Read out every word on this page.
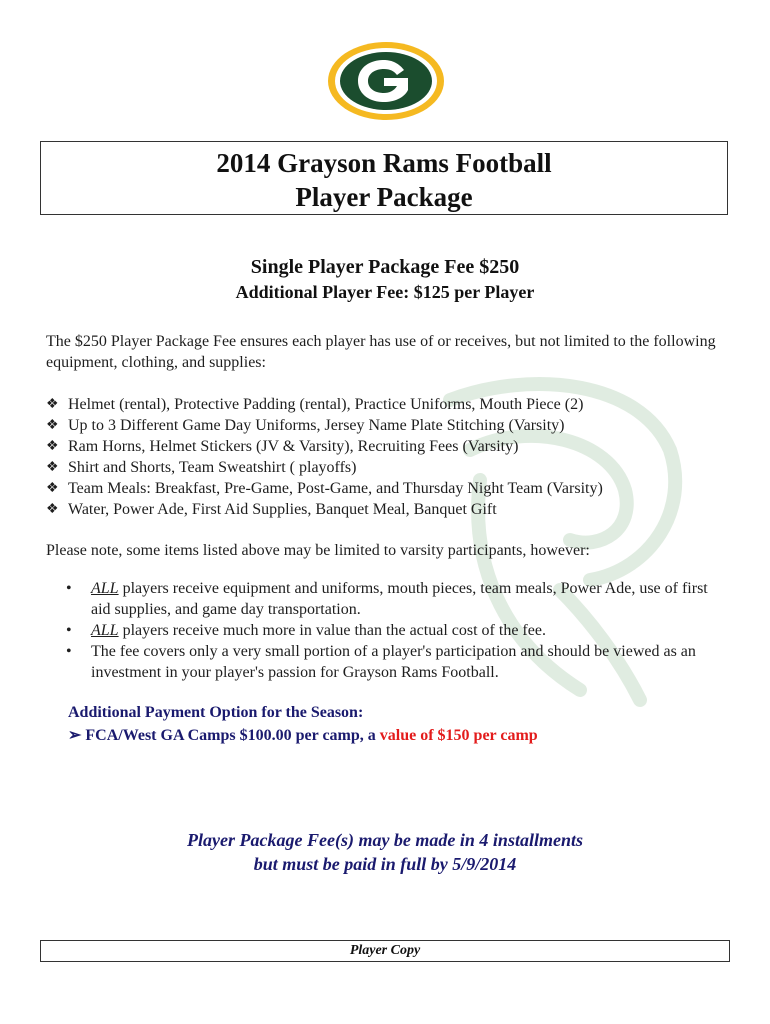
2014 Grayson Rams Football
Player Package
Single Player Package Fee $250
Additional Player Fee: $125 per Player
The $250 Player Package Fee ensures each player has use of or receives, but not limited to the following equipment, clothing, and supplies:
❖ Helmet (rental), Protective Padding (rental), Practice Uniforms, Mouth Piece (2)
❖ Up to 3 Different Game Day Uniforms, Jersey Name Plate Stitching (Varsity)
❖ Ram Horns, Helmet Stickers (JV & Varsity), Recruiting Fees (Varsity)
❖ Shirt and Shorts, Team Sweatshirt ( playoffs)
❖ Team Meals: Breakfast, Pre-Game, Post-Game, and Thursday Night Team (Varsity)
❖ Water, Power Ade, First Aid Supplies, Banquet Meal, Banquet Gift
Please note, some items listed above may be limited to varsity participants, however:
• ALL players receive equipment and uniforms, mouth pieces, team meals, Power Ade, use of first aid supplies, and game day transportation.
• ALL players receive much more in value than the actual cost of the fee.
• The fee covers only a very small portion of a player's participation and should be viewed as an investment in your player's passion for Grayson Rams Football.
Additional Payment Option for the Season:
➢ FCA/West GA Camps $100.00 per camp, a value of $150 per camp
Player Package Fee(s) may be made in 4 installments
but must be paid in full by 5/9/2014
Player Copy
